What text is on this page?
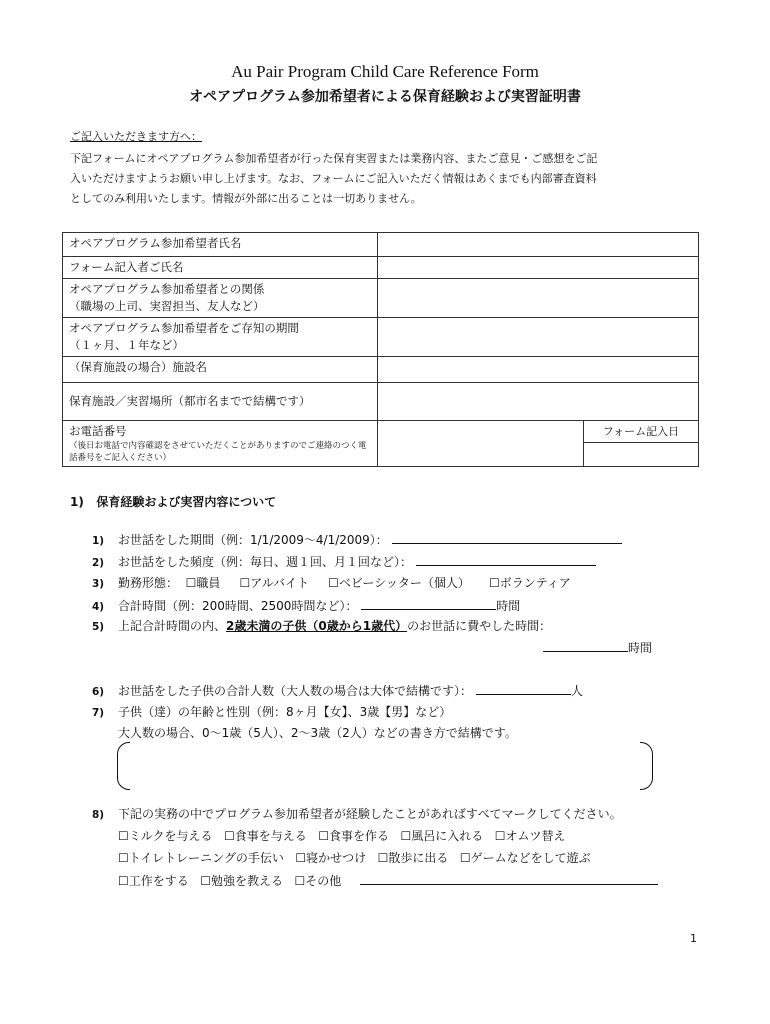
Au Pair Program Child Care Reference Form
オペアプログラム参加希望者による保育経験および実習証明書
ご記入いただきます方へ：
下記フォームにオペアプログラム参加希望者が行った保育実習または業務内容、またご意見・ご感想をご記
入いただけますようお願い申し上げます。なお、フォームにご記入いただく情報はあくまでも内部審査資料
としてのみ利用いたします。情報が外部に出ることは一切ありません。
オペアプログラム参加希望者氏名		
フォーム記入者ご氏名		
オペアプログラム参加希望者との関係
（職場の上司、実習担当、友人など）		
オペアプログラム参加希望者をご存知の期間
（１ヶ月、１年など）		
（保育施設の場合）施設名		
保育施設／実習場所（都市名までで結構です）		
お電話番号
（後日お電話で内容確認をさせていただくことがありますのでご連絡のつく電話番号をご記入ください）		フォーム記入日
1) 保育経験および実習内容について
1) お世話をした期間（例：1/1/2009～4/1/2009）：
2) お世話をした頻度（例：毎日、週１回、月１回など）：
3) 勤務形態： ☐ 職員 ☐ アルバイト ☐ ベビーシッター（個人） ☐ ボランティア
4) 合計時間（例：200時間、2500時間など）：	時間
5) 上記合計時間の内、2歳未満の子供（0歳から1歳代）のお世話に費やした時間：
時間
6) お世話をした子供の合計人数（大人数の場合は大体で結構です）：	人
7) 子供（達）の年齢と性別（例：8ヶ月【女】、3歳【男】など）
大人数の場合、0～1歳（5人）、2～3歳（2人）などの書き方で結構です。
8) 下記の実務の中でプログラム参加希望者が経験したことがあればすべてマークしてください。
☐ ミルクを与える ☐ 食事を与える ☐ 食事を作る ☐ 風呂に入れる ☐ オムツ替え
☐ トイレトレーニングの手伝い ☐ 寝かせつけ ☐ 散歩に出る ☐ ゲームなどをして遊ぶ
☐ 工作をする ☐ 勉強を教える ☐ その他
1
